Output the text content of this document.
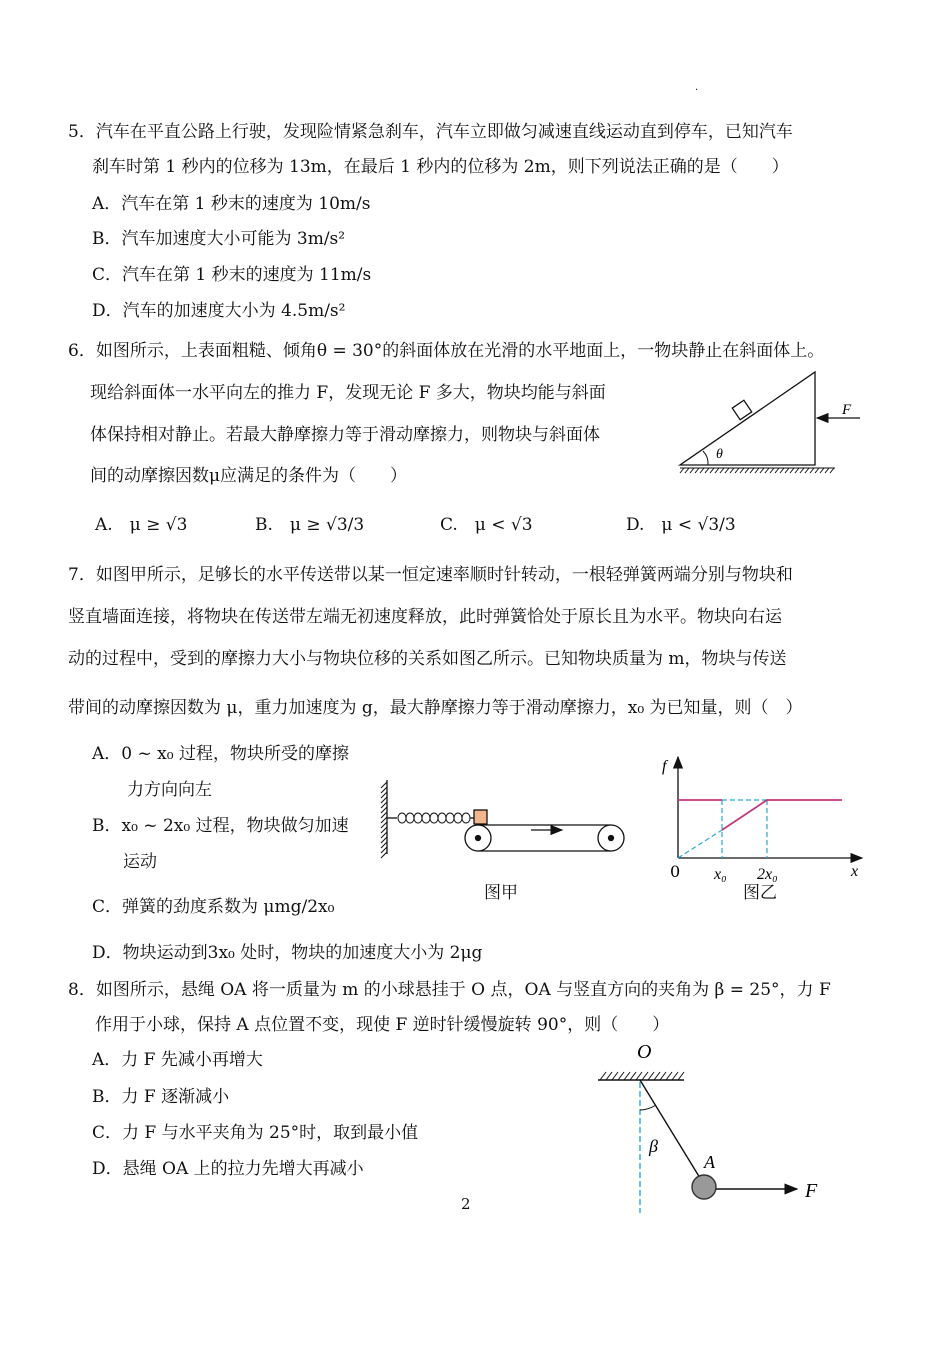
·
5．汽车在平直公路上行驶，发现险情紧急刹车，汽车立即做匀减速直线运动直到停车，已知汽车
刹车时第 1 秒内的位移为 13m，在最后 1 秒内的位移为 2m，则下列说法正确的是（　　）
A．汽车在第 1 秒末的速度为 10m/s
B．汽车加速度大小可能为 3m/s²
C．汽车在第 1 秒末的速度为 11m/s
D．汽车的加速度大小为 4.5m/s²
6．如图所示，上表面粗糙、倾角θ = 30°的斜面体放在光滑的水平地面上，一物块静止在斜面体上。
现给斜面体一水平向左的推力 F，发现无论 F 多大，物块均能与斜面
体保持相对静止。若最大静摩擦力等于滑动摩擦力，则物块与斜面体
间的动摩擦因数μ应满足的条件为（　　）
A.　μ ≥ √3	B.　μ ≥ √3/3	C.　μ < √3	D.　μ < √3/3
7．如图甲所示，足够长的水平传送带以某一恒定速率顺时针转动，一根轻弹簧两端分别与物块和
竖直墙面连接，将物块在传送带左端无初速度释放，此时弹簧恰处于原长且为水平。物块向右运
动的过程中，受到的摩擦力大小与物块位移的关系如图乙所示。已知物块质量为 m，物块与传送
带间的动摩擦因数为 μ，重力加速度为 g，最大静摩擦力等于滑动摩擦力，x₀ 为已知量，则（　）
A．0 ~ x₀ 过程，物块所受的摩擦
力方向向左
B．x₀ ~ 2x₀ 过程，物块做匀加速
运动
C．弹簧的劲度系数为 μmg/2x₀
D．物块运动到3x₀ 处时，物块的加速度大小为 2μg
图甲	图乙
8．如图所示，悬绳 OA 将一质量为 m 的小球悬挂于 O 点，OA 与竖直方向的夹角为 β = 25°，力 F
作用于小球，保持 A 点位置不变，现使 F 逆时针缓慢旋转 90°，则（　　）
A．力 F 先减小再增大
B．力 F 逐渐减小
C．力 F 与水平夹角为 25°时，取到最小值
D．悬绳 OA 上的拉力先增大再减小
2
F
θ
f
x
0 x₀ 2x₀
O
A
β
F
